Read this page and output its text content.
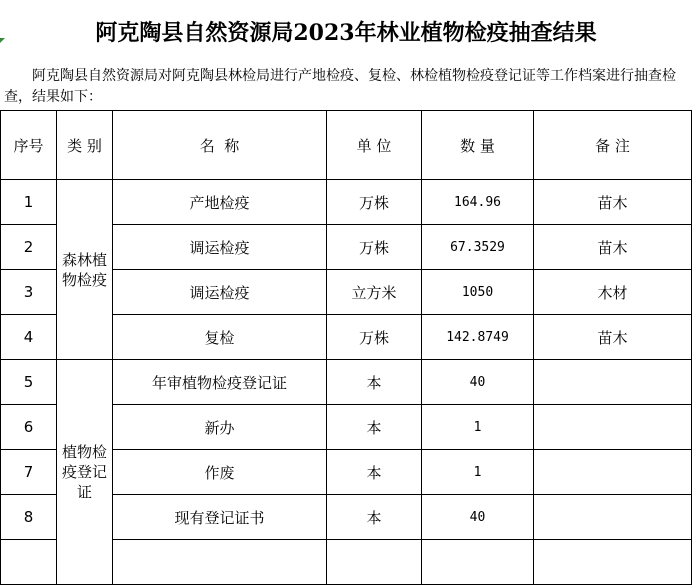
阿克陶县自然资源局2023年林业植物检疫抽查结果
阿克陶县自然资源局对阿克陶县林检局进行产地检疫、复检、林检植物检疫登记证等工作档案进行抽查检查，结果如下：
序号	类 别	名  称	单 位	数 量	备 注
1	森林植物检疫	产地检疫	万株	164.96	苗木
2		调运检疫	万株	67.3529	苗木
3		调运检疫	立方米	1050	木材
4		复检	万株	142.8749	苗木
5	植物检疫登记证	年审植物检疫登记证	本	40	
6		新办	本	1	
7		作废	本	1	
8		现有登记证书	本	40	
